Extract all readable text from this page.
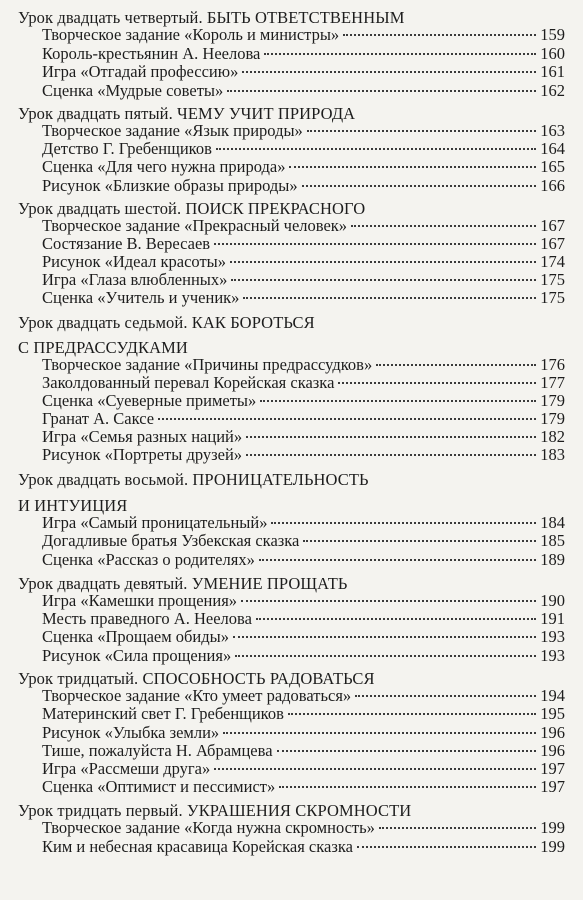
Урок двадцать четвертый. БЫТЬ ОТВЕТСТВЕННЫМ
Творческое задание «Король и министры»	159
Король-крестьянин А. Неелова	160
Игра «Отгадай профессию»	161
Сценка «Мудрые советы»	162
Урок двадцать пятый. ЧЕМУ УЧИТ ПРИРОДА
Творческое задание «Язык природы»	163
Детство Г. Гребенщиков	164
Сценка «Для чего нужна природа»	165
Рисунок «Близкие образы природы»	166
Урок двадцать шестой. ПОИСК ПРЕКРАСНОГО
Творческое задание «Прекрасный человек»	167
Состязание В. Вересаев	167
Рисунок «Идеал красоты»	174
Игра «Глаза влюбленных»	175
Сценка «Учитель и ученик»	175
Урок двадцать седьмой. КАК БОРОТЬСЯ
С ПРЕДРАССУДКАМИ
Творческое задание «Причины предрассудков»	176
Заколдованный перевал Корейская сказка	177
Сценка «Суеверные приметы»	179
Гранат А. Саксе	179
Игра «Семья разных наций»	182
Рисунок «Портреты друзей»	183
Урок двадцать восьмой. ПРОНИЦАТЕЛЬНОСТЬ
И ИНТУИЦИЯ
Игра «Самый проницательный»	184
Догадливые братья Узбекская сказка	185
Сценка «Рассказ о родителях»	189
Урок двадцать девятый. УМЕНИЕ ПРОЩАТЬ
Игра «Камешки прощения»	190
Месть праведного А. Неелова	191
Сценка «Прощаем обиды»	193
Рисунок «Сила прощения»	193
Урок тридцатый. СПОСОБНОСТЬ РАДОВАТЬСЯ
Творческое задание «Кто умеет радоваться»	194
Материнский свет Г. Гребенщиков	195
Рисунок «Улыбка земли»	196
Тише, пожалуйста Н. Абрамцева	196
Игра «Рассмеши друга»	197
Сценка «Оптимист и пессимист»	197
Урок тридцать первый. УКРАШЕНИЯ СКРОМНОСТИ
Творческое задание «Когда нужна скромность»	199
Ким и небесная красавица Корейская сказка	199
